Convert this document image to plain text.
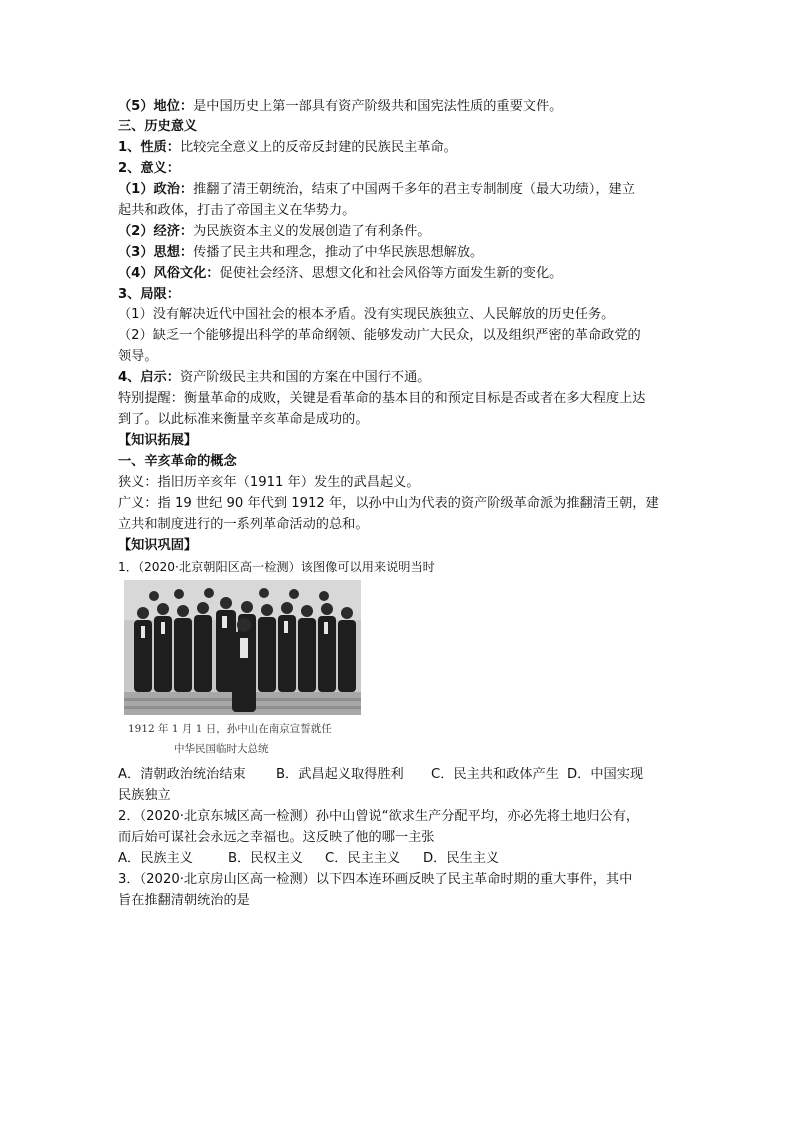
（5）地位：是中国历史上第一部具有资产阶级共和国宪法性质的重要文件。
三、历史意义
1、性质：比较完全意义上的反帝反封建的民族民主革命。
2、意义：
（1）政治：推翻了清王朝统治，结束了中国两千多年的君主专制制度（最大功绩），建立
起共和政体，打击了帝国主义在华势力。
（2）经济：为民族资本主义的发展创造了有利条件。
（3）思想：传播了民主共和理念，推动了中华民族思想解放。
（4）风俗文化：促使社会经济、思想文化和社会风俗等方面发生新的变化。
3、局限：
（1）没有解决近代中国社会的根本矛盾。没有实现民族独立、人民解放的历史任务。
（2）缺乏一个能够提出科学的革命纲领、能够发动广大民众，以及组织严密的革命政党的
领导。
4、启示：资产阶级民主共和国的方案在中国行不通。
特别提醒：衡量革命的成败，关键是看革命的基本目的和预定目标是否或者在多大程度上达
到了。以此标准来衡量辛亥革命是成功的。
【知识拓展】
一、辛亥革命的概念
狭义：指旧历辛亥年（1911 年）发生的武昌起义。
广义：指 19 世纪 90 年代到 1912 年，以孙中山为代表的资产阶级革命派为推翻清王朝，建
立共和制度进行的一系列革命活动的总和。
【知识巩固】
1．（2020·北京朝阳区高一检测）该图像可以用来说明当时
1912 年 1 月 1 日，孙中山在南京宣誓就任
中华民国临时大总统
A．清朝政治统治结束 B．武昌起义取得胜利 C．民主共和政体产生 D．中国实现
民族独立
2．（2020·北京东城区高一检测）孙中山曾说“欲求生产分配平均，亦必先将土地归公有，
而后始可谋社会永远之幸福也。这反映了他的哪一主张
A．民族主义	B．民权主义 C．民主主义 D．民生主义
3．（2020·北京房山区高一检测）以下四本连环画反映了民主革命时期的重大事件，其中
旨在推翻清朝统治的是
